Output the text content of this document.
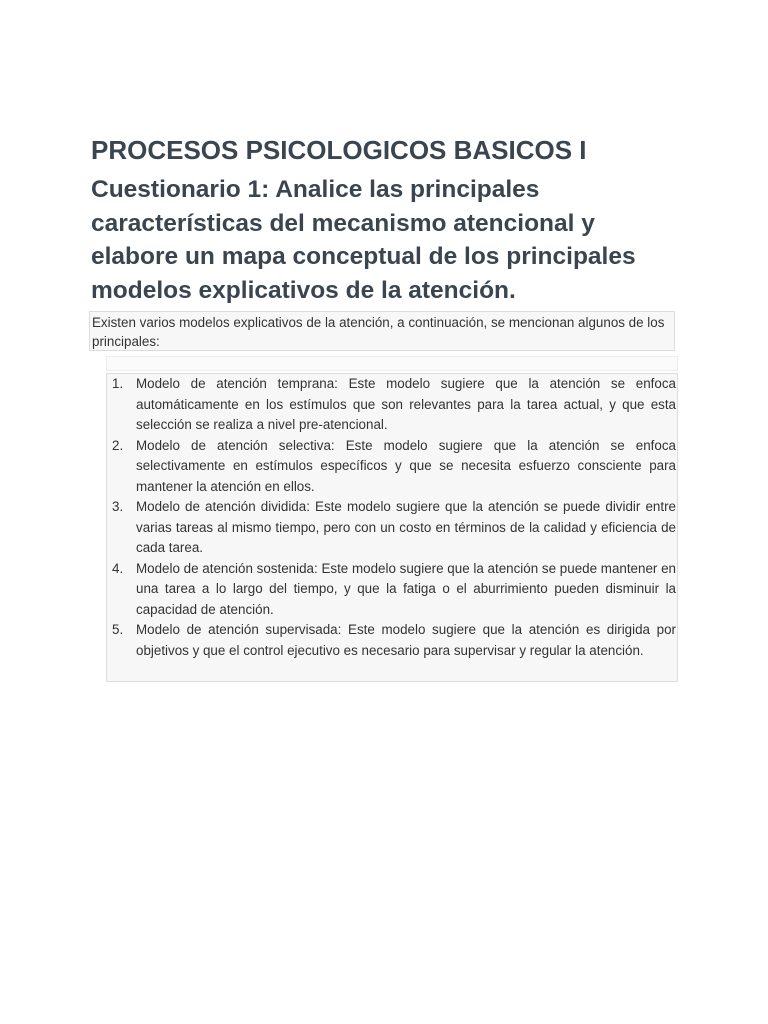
PROCESOS PSICOLOGICOS BASICOS I
Cuestionario 1: Analice las principales características del mecanismo atencional y elabore un mapa conceptual de los principales modelos explicativos de la atención.

Existen varios modelos explicativos de la atención, a continuación, se mencionan algunos de los principales:

1. Modelo de atención temprana: Este modelo sugiere que la atención se enfoca automáticamente en los estímulos que son relevantes para la tarea actual, y que esta selección se realiza a nivel pre-atencional.
2. Modelo de atención selectiva: Este modelo sugiere que la atención se enfoca selectivamente en estímulos específicos y que se necesita esfuerzo consciente para mantener la atención en ellos.
3. Modelo de atención dividida: Este modelo sugiere que la atención se puede dividir entre varias tareas al mismo tiempo, pero con un costo en términos de la calidad y eficiencia de cada tarea.
4. Modelo de atención sostenida: Este modelo sugiere que la atención se puede mantener en una tarea a lo largo del tiempo, y que la fatiga o el aburrimiento pueden disminuir la capacidad de atención.
5. Modelo de atención supervisada: Este modelo sugiere que la atención es dirigida por objetivos y que el control ejecutivo es necesario para supervisar y regular la atención.
